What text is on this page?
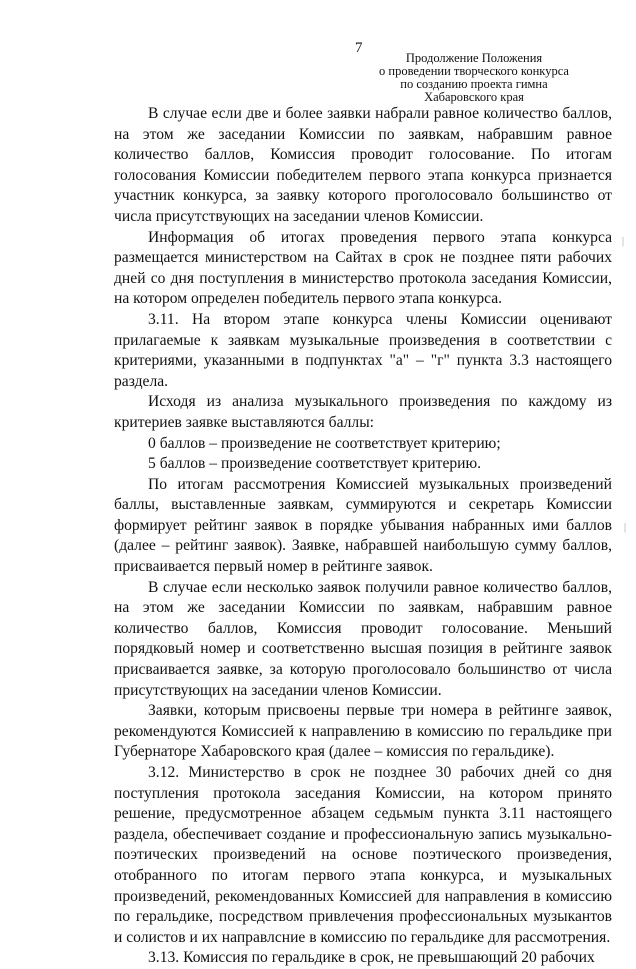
7
Продолжение Положения
о проведении творческого конкурса
по созданию проекта гимна
Хабаровского края

В случае если две и более заявки набрали равное количество баллов, на этом же заседании Комиссии по заявкам, набравшим равное количество баллов, Комиссия проводит голосование. По итогам голосования Комиссии победителем первого этапа конкурса признается участник конкурса, за заявку которого проголосовало большинство от числа присутствующих на заседании членов Комиссии.

Информация об итогах проведения первого этапа конкурса размещается министерством на Сайтах в срок не позднее пяти рабочих дней со дня поступления в министерство протокола заседания Комиссии, на котором определен победитель первого этапа конкурса.

3.11. На втором этапе конкурса члены Комиссии оценивают прилагаемые к заявкам музыкальные произведения в соответствии с критериями, указанными в подпунктах "а" – "г" пункта 3.3 настоящего раздела.

Исходя из анализа музыкального произведения по каждому из критериев заявке выставляются баллы:

0 баллов – произведение не соответствует критерию;

5 баллов – произведение соответствует критерию.

По итогам рассмотрения Комиссией музыкальных произведений баллы, выставленные заявкам, суммируются и секретарь Комиссии формирует рейтинг заявок в порядке убывания набранных ими баллов (далее – рейтинг заявок). Заявке, набравшей наибольшую сумму баллов, присваивается первый номер в рейтинге заявок.

В случае если несколько заявок получили равное количество баллов, на этом же заседании Комиссии по заявкам, набравшим равное количество баллов, Комиссия проводит голосование. Меньший порядковый номер и соответственно высшая позиция в рейтинге заявок присваивается заявке, за которую проголосовало большинство от числа присутствующих на заседании членов Комиссии.

Заявки, которым присвоены первые три номера в рейтинге заявок, рекомендуются Комиссией к направлению в комиссию по геральдике при Губернаторе Хабаровского края (далее – комиссия по геральдике).

3.12. Министерство в срок не позднее 30 рабочих дней со дня поступления протокола заседания Комиссии, на котором принято решение, предусмотренное абзацем седьмым пункта 3.11 настоящего раздела, обеспечивает создание и профессиональную запись музыкально-поэтических произведений на основе поэтического произведения, отобранного по итогам первого этапа конкурса, и музыкальных произведений, рекомендованных Комиссией для направления в комиссию по геральдике, посредством привлечения профессиональных музыкантов и солистов и их направлсние в комиссию по геральдике для рассмотрения.

3.13. Комиссия по геральдике в срок, не превышающий 20 рабочих

|
|
